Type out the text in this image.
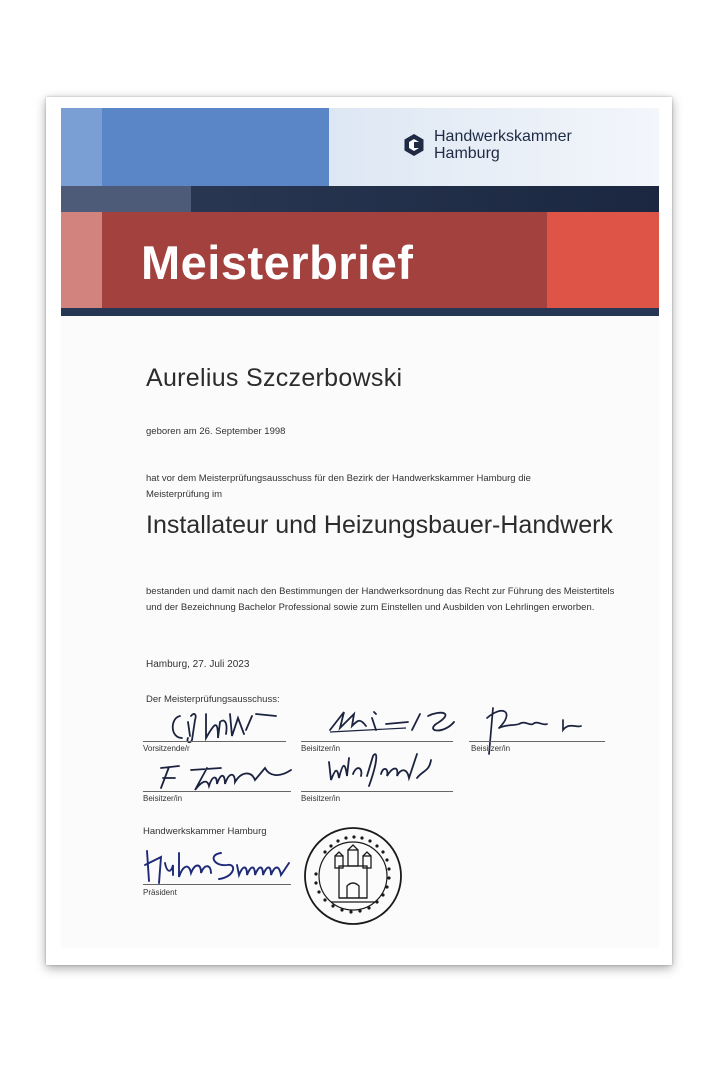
Handwerkskammer
Hamburg
Meisterbrief
Aurelius Szczerbowski
geboren am 26. September 1998
hat vor dem Meisterprüfungsausschuss für den Bezirk der Handwerkskammer Hamburg die Meisterprüfung im
Installateur und Heizungsbauer-Handwerk
bestanden und damit nach den Bestimmungen der Handwerksordnung das Recht zur Führung des Meistertitels und der Bezeichnung Bachelor Professional sowie zum Einstellen und Ausbilden von Lehrlingen erworben.
Hamburg, 27. Juli 2023
Der Meisterprüfungsausschuss:
Vorsitzende/r	Beisitzer/in	Beisitzer/in
Beisitzer/in	Beisitzer/in
Handwerkskammer Hamburg
Präsident
